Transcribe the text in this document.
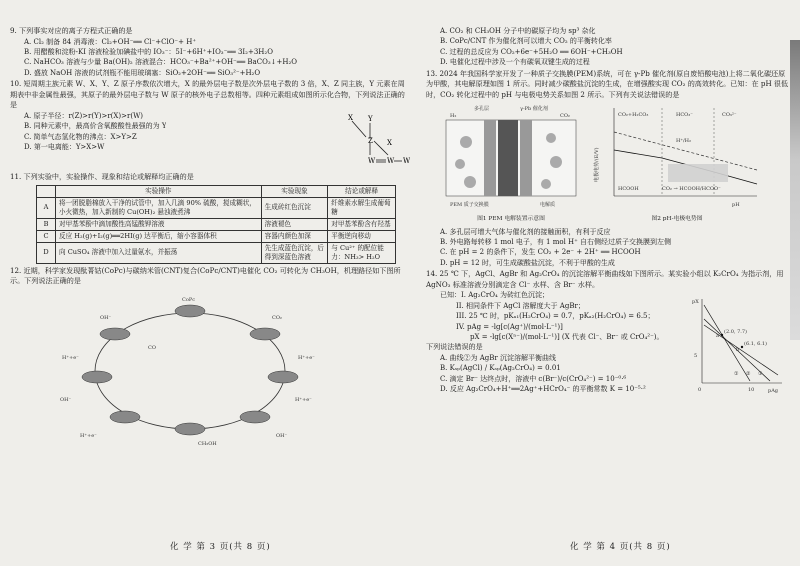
9. 下列事实对应的离子方程式正确的是
A. Cl₂ 制备 84 消毒液：Cl₂+OH⁻══ Cl⁻+ClO⁻+ H⁺
B. 用醋酸和淀粉-KI 溶液检验加碘盐中的 IO₃⁻：5I⁻+6H⁺+IO₃⁻══ 3I₂+3H₂O
C. NaHCO₃ 溶液与少量 Ba(OH)₂ 溶液混合：HCO₃⁻+Ba²⁺+OH⁻══ BaCO₃↓+H₂O
D. 盛放 NaOH 溶液的试剂瓶不能用玻璃塞：SiO₂+2OH⁻══ SiO₃²⁻+H₂O
10. 短周期主族元素 W、X、Y、Z 原子序数依次增大，X 的最外层电子数是次外层电子数的 3 倍，X、Z 同主族，Y 元素在周期表中非金属性最强，其原子的最外层电子数与 W 原子的核外电子总数相等。四种元素组成如图所示化合物，下列说法正确的是
A. 原子半径：r(Z)>r(Y)>r(X)>r(W)
B. 同种元素中，最高价含氧酸酸性最强的为 Y
C. 简单气态氢化物的沸点：X>Y>Z
D. 第一电离能：Y>X>W
X Y
Z X
W W W
11. 下列实验中，实验操作、现象和结论或解释均正确的是
	实验操作	实验现象	结论或解释
A	将一团脱脂棉放入干净的试管中，加入几滴 90% 硫酸，搅成糊状，小火微热，加入新制的 Cu(OH)₂ 悬浊液煮沸	生成砖红色沉淀	纤维素水解生成葡萄糖
B	对甲基苯酚中滴加酸性高锰酸钾溶液	溶液褪色	对甲基苯酚含有羟基
C	反应 H₂(g)+I₂(g)══2HI(g) 达平衡后，缩小容器体积	容器内颜色加深	平衡逆向移动
D	向 CuSO₄ 溶液中加入过量氨水，并振荡	先生成蓝色沉淀，后得到深蓝色溶液	与 Cu²⁺ 的配位能力：NH₃> H₂O
12. 近期，科学家发现酞菁钴(CoPc)与碳纳米管(CNT)复合(CoPc/CNT)电催化 CO₂ 可转化为 CH₃OH，机理路径如下图所示。下列说法正确的是
CoPc
CO₂
H⁺+e⁻
H⁺+e⁻
OH⁻
CH₃OH
H⁺+e⁻
OH⁻
H⁺+e⁻
CO
OH⁻
化 学 第 3 页(共 8 页)
A. CO₂ 和 CH₃OH 分子中的碳原子均为 sp³ 杂化
B. CoPc/CNT 作为催化剂可以增大 CO₂ 的平衡转化率
C. 过程的总反应为 CO₂+6e⁻+5H₂O ══ 6OH⁻+CH₃OH
D. 电催化过程中涉及一个有碳氧双键生成的过程
13. 2024 年我国科学家开发了一种质子交换膜(PEM)系统，可在 γ-Pb 催化剂(原自废铅酸电池)上将二氧化碳还原为甲酸，其电解原理如图 1 所示。同时减少碳酸盐沉淀的生成，在增强酸实现 CO₂ 的高效转化。已知：在 pH 很低时，CO₂ 转化过程中的 pH 与电极电势关系如图 2 所示。下列有关说法错误的是
多孔层	γ-Pb 催化剂
H₂	CO₂
PEM 质子交换膜	电解质
图1 PEM 电解装置示意图
CO₂+H₂CO₃	HCO₃⁻	CO₃²⁻
H⁺/H₂
HCOOH	CO₂ → HCOOH/HCOO⁻
pH
电极电势/(E/V)
图2 pH-电极电势图
A. 多孔层可增大气体与催化剂的接触面积，有利于反应
B. 外电路每转移 1 mol 电子，有 1 mol H⁺ 自右侧经过质子交换膜到左侧
C. 在 pH = 2 的条件下，发生 CO₂ + 2e⁻ + 2H⁺ ══ HCOOH
D. pH = 12 时，可生成碳酸盐沉淀，不利于甲酸的生成
14. 25 ℃ 下，AgCl、AgBr 和 Ag₂CrO₄ 的沉淀溶解平衡曲线如下图所示。某实验小组以 K₂CrO₄ 为指示剂，用 AgNO₃ 标准溶液分别滴定含 Cl⁻ 水样、含 Br⁻ 水样。
已知：I. Ag₂CrO₄ 为砖红色沉淀；
II. 相同条件下 AgCl 溶解度大于 AgBr；
III. 25 ℃ 时，pKₐ₁(H₂CrO₄) = 0.7，pKₐ₂(H₂CrO₄) = 6.5；
IV. pAg = -lg[c(Ag⁺)/(mol·L⁻¹)]
pX = -lg[c(Xⁿ⁻)/(mol·L⁻¹)] (X 代表 Cl⁻、Br⁻ 或 CrO₄²⁻)。
下列说法错误的是
A. 曲线②为 AgBr 沉淀溶解平衡曲线
B. Kₛₚ(AgCl) / Kₛₚ(Ag₂CrO₄) = 0.01
C. 滴定 Br⁻ 达终点时，溶液中 c(Br⁻)/c(CrO₄²⁻) = 10⁻⁰·⁶
D. 反应 Ag₂CrO₄+H⁺══2Ag⁺+HCrO₄⁻ 的平衡常数 K = 10⁻⁵·²
pX
pAg
(2.0, 7.7)
(6.1, 6.1)
① ② ③
a
b
0	10
5
化 学 第 4 页(共 8 页)
